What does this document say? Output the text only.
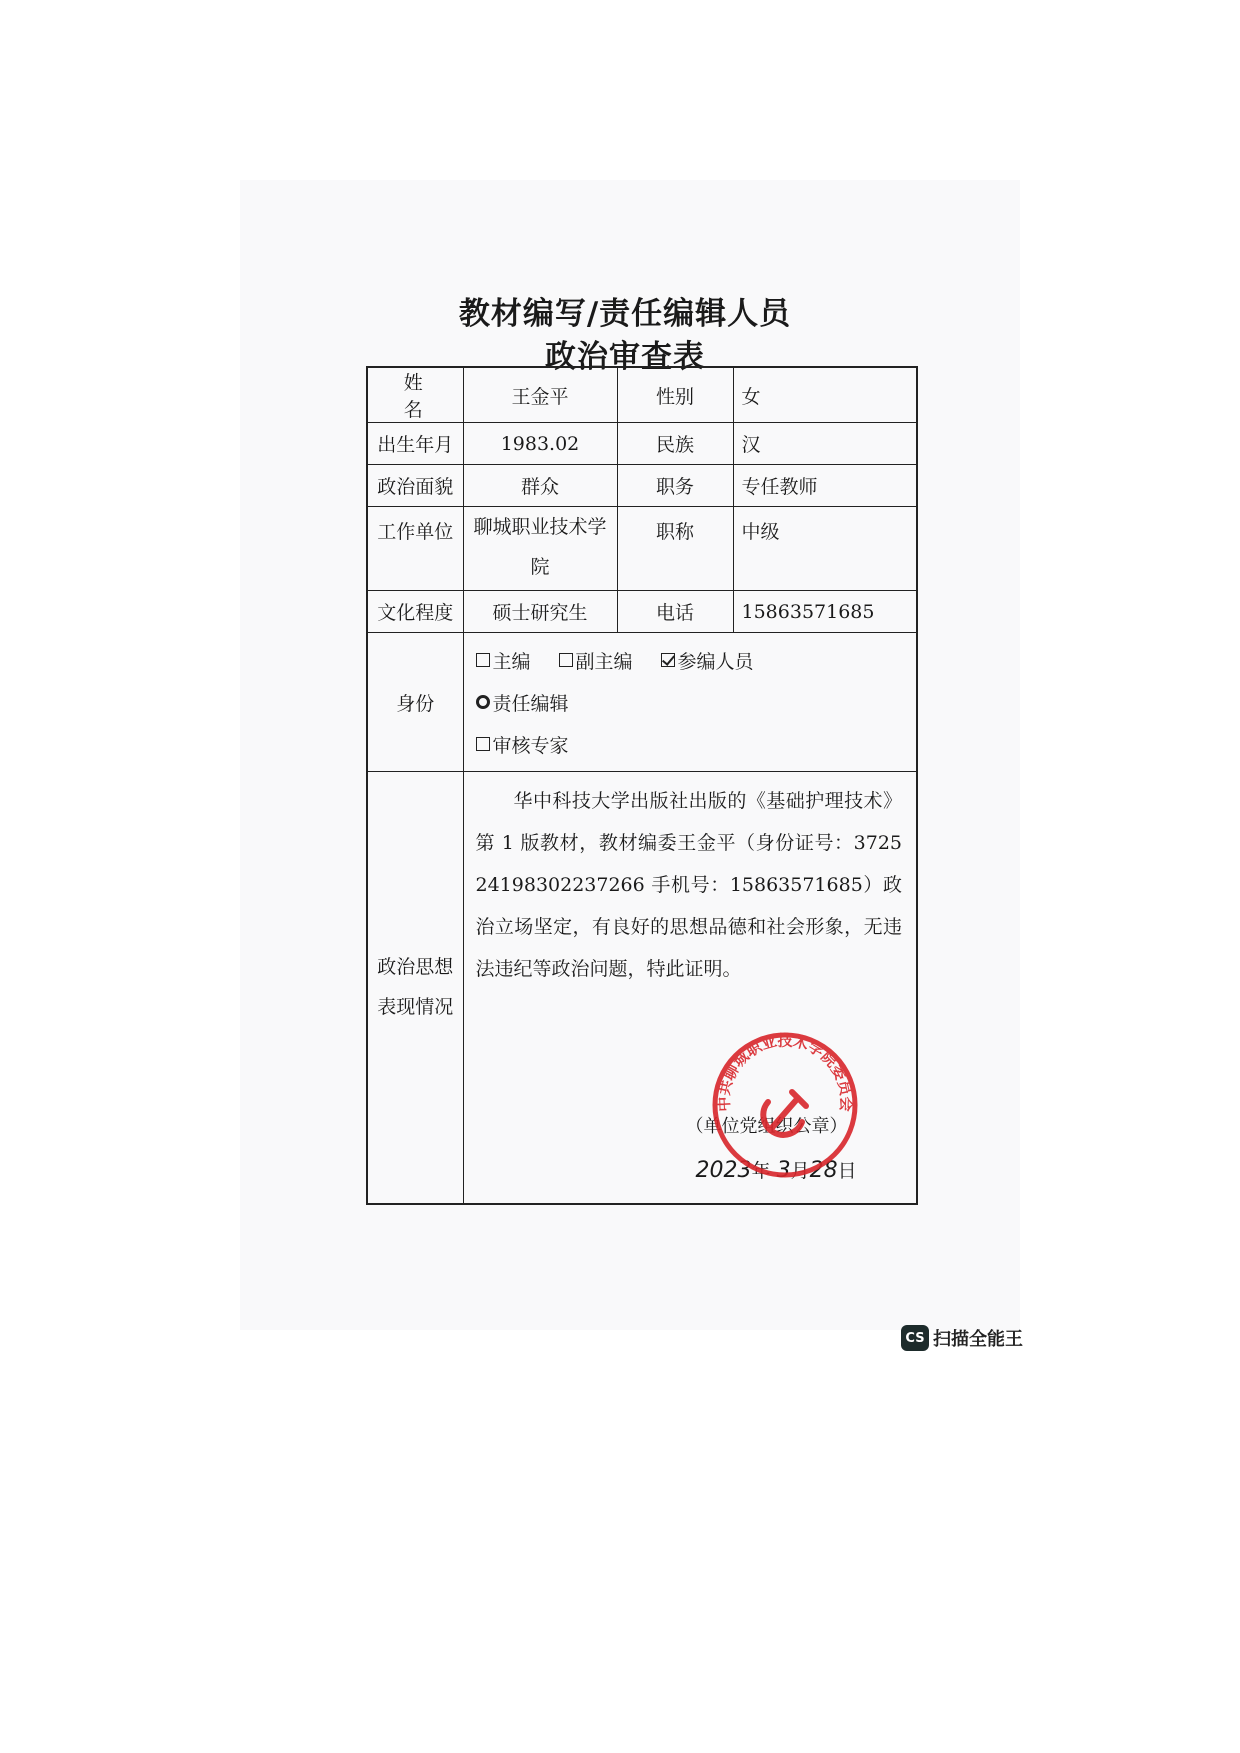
教材编写/责任编辑人员
政治审查表
姓 名	王金平	性别	女
出生年月	1983.02	民族	汉
政治面貌	群众	职务	专任教师
工作单位	聊城职业技术学院	职称	中级
文化程度	硕士研究生	电话	15863571685
身份	主编 副主编 参编人员
责任编辑
审核专家		

政治思想表现情况	华中科技大学出版社出版的《基础护理技术》第 1 版教材，教材编委王金平（身份证号：372524198302237266 手机号：15863571685）政治立场坚定，有良好的思想品德和社会形象，无违法违纪等政治问题，特此证明。
（单位党组织公章）
2023年 3月28日		
中共聊城职业技术学院委员会
CS 扫描全能王
